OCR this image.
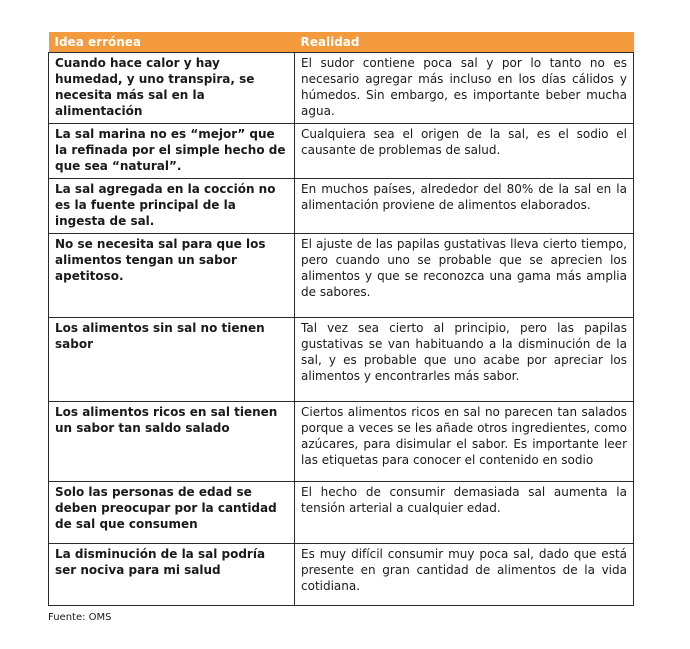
Idea errónea	Realidad
Cuando hace calor y hay humedad, y uno transpira, se necesita más sal en la alimentación	El sudor contiene poca sal y por lo tanto no es necesario agregar más incluso en los días cálidos y húmedos. Sin embargo, es importante beber mucha agua.
La sal marina no es “mejor” que la refinada por el simple hecho de que sea “natural”.	Cualquiera sea el origen de la sal, es el sodio el causante de problemas de salud.
La sal agregada en la cocción no es la fuente principal de la ingesta de sal.	En muchos países, alrededor del 80% de la sal en la alimentación proviene de alimentos elaborados.
No se necesita sal para que los alimentos tengan un sabor apetitoso.	El ajuste de las papilas gustativas lleva cierto tiempo, pero cuando uno se probable que se aprecien los alimentos y que se reconozca una gama más amplia de sabores.
Los alimentos sin sal no tienen sabor	Tal vez sea cierto al principio, pero las papilas gustativas se van habituando a la disminución de la sal, y es probable que uno acabe por apreciar los alimentos y encontrarles más sabor.
Los alimentos ricos en sal tienen un sabor tan saldo salado	Ciertos alimentos ricos en sal no parecen tan salados porque a veces se les añade otros ingredientes, como azúcares, para disimular el sabor. Es importante leer las etiquetas para conocer el contenido en sodio
Solo las personas de edad se deben preocupar por la cantidad de sal que consumen	El hecho de consumir demasiada sal aumenta la tensión arterial a cualquier edad.
La disminución de la sal podría ser nociva para mi salud	Es muy difícil consumir muy poca sal, dado que está presente en gran cantidad de alimentos de la vida cotidiana.
Fuente: OMS
